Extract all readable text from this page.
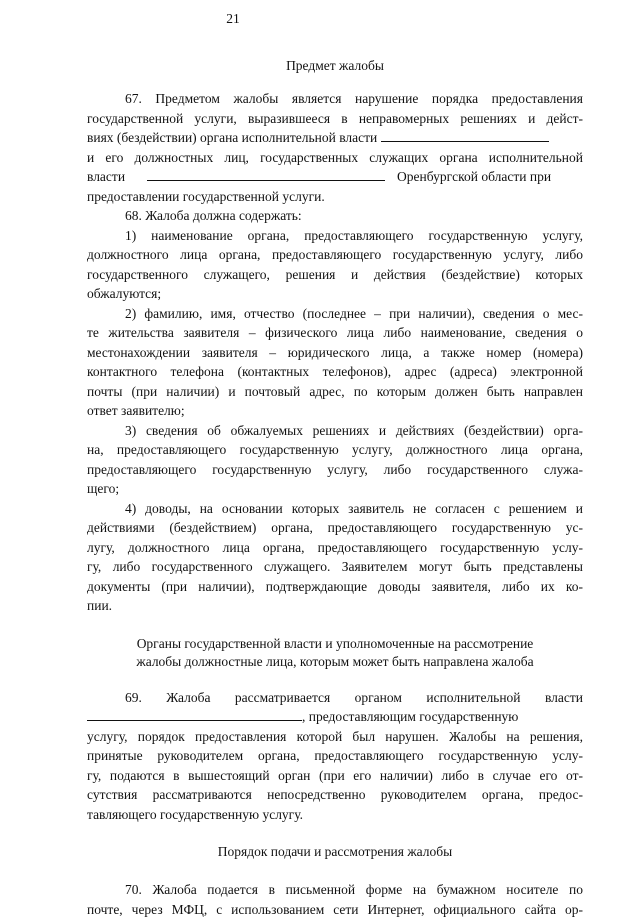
21
Предмет жалобы
67. Предметом жалобы является нарушение порядка предоставления
государственной услуги, выразившееся в неправомерных решениях и дейст-
виях (бездействии) органа исполнительной власти
и его должностных лиц, государственных служащих органа исполнительной
власти	Оренбургской области при
предоставлении государственной услуги.
68. Жалоба должна содержать:
1) наименование органа, предоставляющего государственную услугу,
должностного лица органа, предоставляющего государственную услугу, либо
государственного служащего, решения и действия (бездействие) которых
обжалуются;
2) фамилию, имя, отчество (последнее – при наличии), сведения о мес-
те жительства заявителя – физического лица либо наименование, сведения о
местонахождении заявителя – юридического лица, а также номер (номера)
контактного телефона (контактных телефонов), адрес (адреса) электронной
почты (при наличии) и почтовый адрес, по которым должен быть направлен
ответ заявителю;
3) сведения об обжалуемых решениях и действиях (бездействии) орга-
на, предоставляющего государственную услугу, должностного лица органа,
предоставляющего государственную услугу, либо государственного служа-
щего;
4) доводы, на основании которых заявитель не согласен с решением и
действиями (бездействием) органа, предоставляющего государственную ус-
лугу, должностного лица органа, предоставляющего государственную услу-
гу, либо государственного служащего. Заявителем могут быть представлены
документы (при наличии), подтверждающие доводы заявителя, либо их ко-
пии.
Органы государственной власти и уполномоченные на рассмотрение
жалобы должностные лица, которым может быть направлена жалоба
69. Жалоба рассматривается органом исполнительной власти
, предоставляющим государственную
услугу, порядок предоставления которой был нарушен. Жалобы на решения,
принятые руководителем органа, предоставляющего государственную услу-
гу, подаются в вышестоящий орган (при его наличии) либо в случае его от-
сутствия рассматриваются непосредственно руководителем органа, предос-
тавляющего государственную услугу.
Порядок подачи и рассмотрения жалобы
70. Жалоба подается в письменной форме на бумажном носителе по
почте, через МФЦ, с использованием сети Интернет, официального сайта ор-
